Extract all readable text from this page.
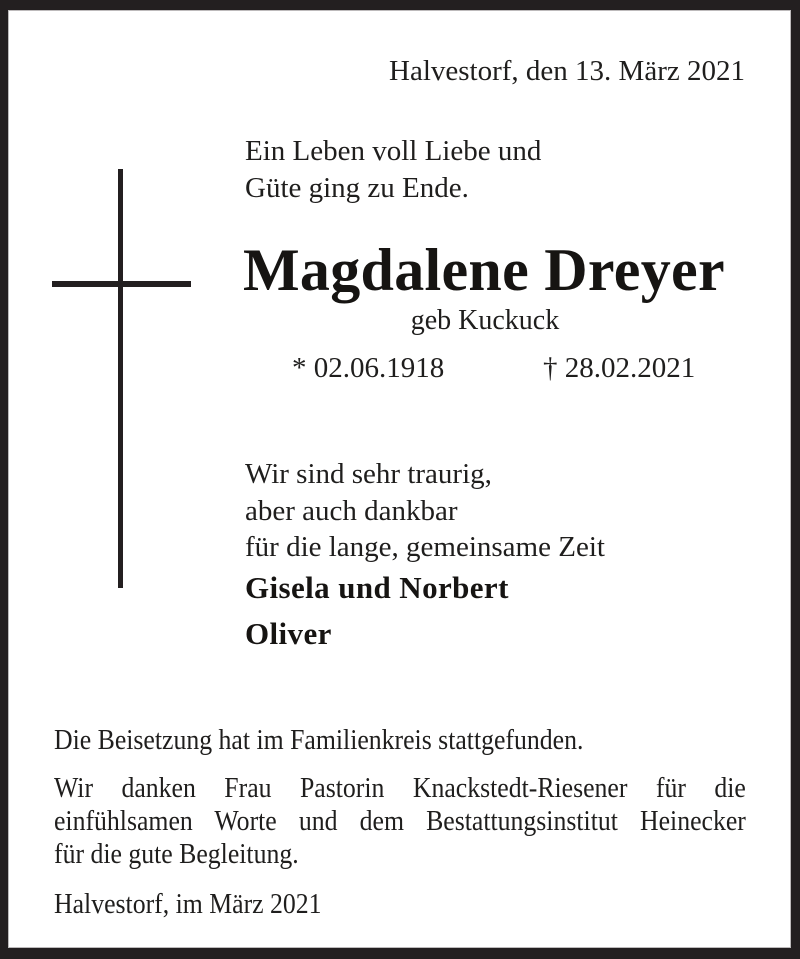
Halvestorf, den 13. März 2021
Ein Leben voll Liebe und
Güte ging zu Ende.
Magdalene Dreyer
geb Kuckuck
* 02.06.1918	† 28.02.2021
Wir sind sehr traurig,
aber auch dankbar
für die lange, gemeinsame Zeit
Gisela und Norbert
Oliver

Die Beisetzung hat im Familienkreis stattgefunden.

Wir danken Frau Pastorin Knackstedt-Riesener für die
einfühlsamen Worte und dem Bestattungsinstitut Heinecker
für die gute Begleitung.
Halvestorf, im März 2021
